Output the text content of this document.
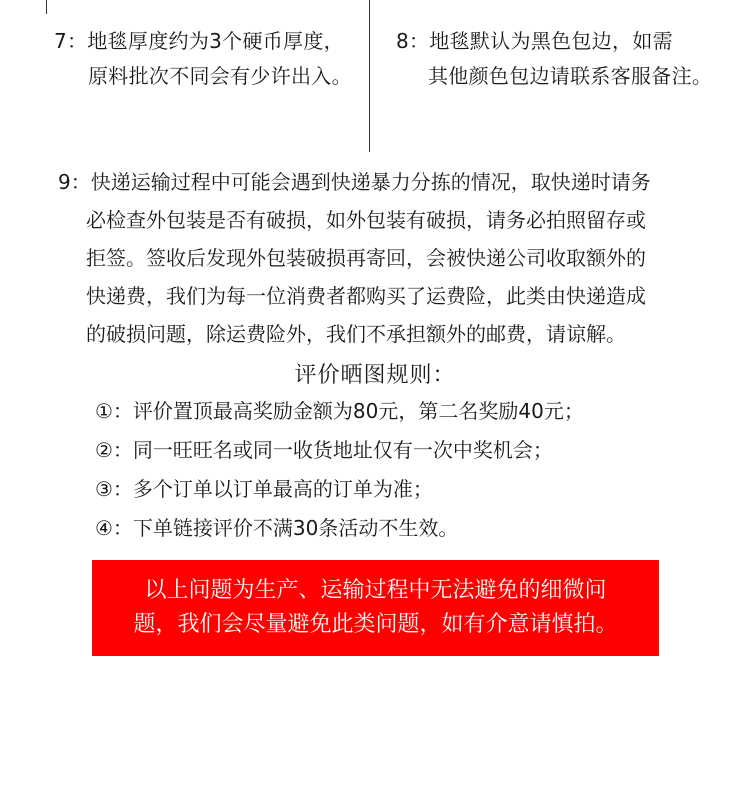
7：地毯厚度约为3个硬币厚度，
原料批次不同会有少许出入。
8：地毯默认为黑色包边，如需
其他颜色包边请联系客服备注。
9：快递运输过程中可能会遇到快递暴力分拣的情况，取快递时请务
必检查外包装是否有破损，如外包装有破损，请务必拍照留存或
拒签。签收后发现外包装破损再寄回，会被快递公司收取额外的
快递费，我们为每一位消费者都购买了运费险，此类由快递造成
的破损问题，除运费险外，我们不承担额外的邮费，请谅解。
评价晒图规则：
①：评价置顶最高奖励金额为80元，第二名奖励40元；
②：同一旺旺名或同一收货地址仅有一次中奖机会；
③：多个订单以订单最高的订单为准；
④：下单链接评价不满30条活动不生效。
以上问题为生产、运输过程中无法避免的细微问
题，我们会尽量避免此类问题，如有介意请慎拍。
